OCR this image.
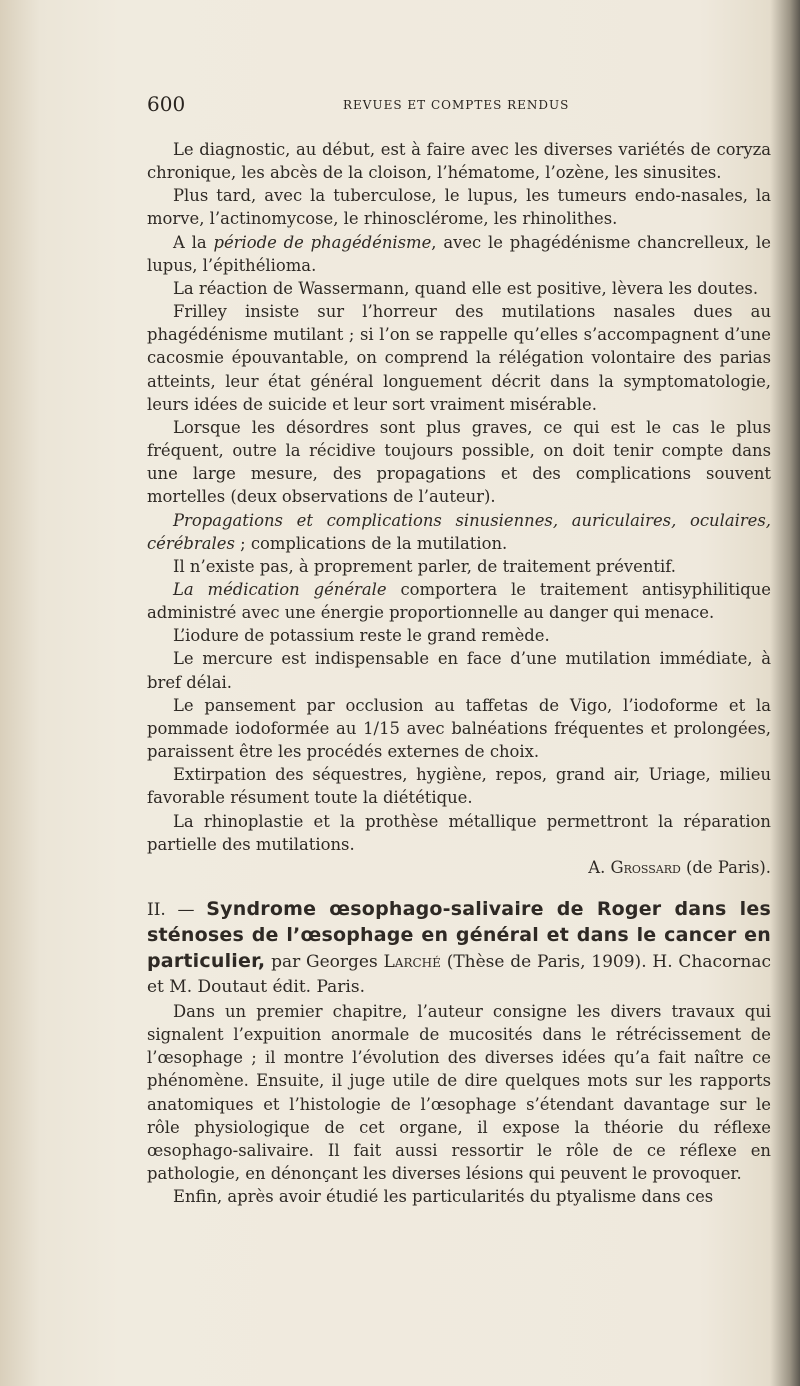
600	REVUES ET COMPTES RENDUS

Le diagnostic, au début, est à faire avec les diverses variétés de coryza chronique, les abcès de la cloison, l’hématome, l’ozène, les sinusites.

Plus tard, avec la tuberculose, le lupus, les tumeurs endo-nasales, la morve, l’actinomycose, le rhinosclérome, les rhinolithes.

A la période de phagédénisme, avec le phagédénisme chancrelleux, le lupus, l’épithélioma.

La réaction de Wassermann, quand elle est positive, lèvera les doutes.

Frilley insiste sur l’horreur des mutilations nasales dues au phagédénisme mutilant ; si l’on se rappelle qu’elles s’accompagnent d’une cacosmie épouvantable, on comprend la rélégation volontaire des parias atteints, leur état général longuement décrit dans la symptomatologie, leurs idées de suicide et leur sort vraiment misérable.

Lorsque les désordres sont plus graves, ce qui est le cas le plus fréquent, outre la récidive toujours possible, on doit tenir compte dans une large mesure, des propagations et des complications souvent mortelles (deux observations de l’auteur).

Propagations et complications sinusiennes, auriculaires, oculaires, cérébrales ; complications de la mutilation.

Il n’existe pas, à proprement parler, de traitement préventif.

La médication générale comportera le traitement antisyphilitique administré avec une énergie proportionnelle au danger qui menace.

L’iodure de potassium reste le grand remède.

Le mercure est indispensable en face d’une mutilation immédiate, à bref délai.

Le pansement par occlusion au taffetas de Vigo, l’iodoforme et la pommade iodoformée au 1/15 avec balnéations fréquentes et prolongées, paraissent être les procédés externes de choix.

Extirpation des séquestres, hygiène, repos, grand air, Uriage, milieu favorable résument toute la diététique.

La rhinoplastie et la prothèse métallique permettront la réparation partielle des mutilations.

A. Grossard (de Paris).

II. — Syndrome œsophago-salivaire de Roger dans les sténoses de l’œsophage en général et dans le cancer en particulier, par Georges Larché (Thèse de Paris, 1909). H. Chacornac et M. Doutaut édit. Paris.

Dans un premier chapitre, l’auteur consigne les divers travaux qui signalent l’expuition anormale de mucosités dans le rétrécissement de l’œsophage ; il montre l’évolution des diverses idées qu’a fait naître ce phénomène. Ensuite, il juge utile de dire quelques mots sur les rapports anatomiques et l’histologie de l’œsophage s’étendant davantage sur le rôle physiologique de cet organe, il expose la théorie du réflexe œsophago-salivaire. Il fait aussi ressortir le rôle de ce réflexe en pathologie, en dénonçant les diverses lésions qui peuvent le provoquer.

Enfin, après avoir étudié les particularités du ptyalisme dans ces
